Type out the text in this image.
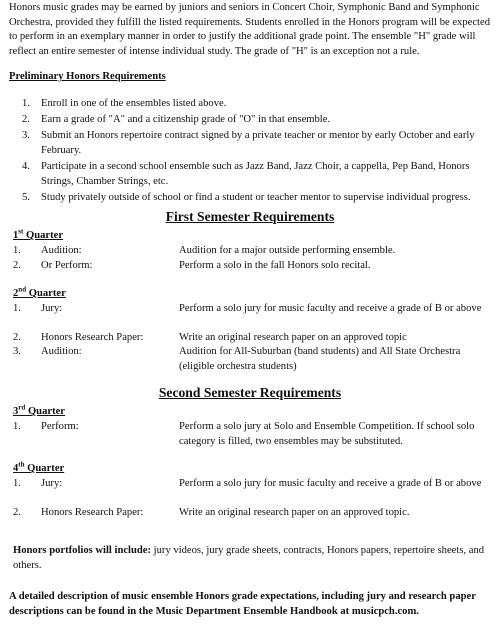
Honors music grades may be earned by juniors and seniors in Concert Choir, Symphonic Band and Symphonic Orchestra, provided they fulfill the listed requirements. Students enrolled in the Honors program will be expected to perform in an exemplary manner in order to justify the additional grade point. The ensemble "H" grade will reflect an entire semester of intense individual study. The grade of "H" is an exception not a rule.

Preliminary Honors Requirements

1. Enroll in one of the ensembles listed above.
2. Earn a grade of "A" and a citizenship grade of "O" in that ensemble.
3. Submit an Honors repertoire contract signed by a private teacher or mentor by early October and early February.
4. Participate in a second school ensemble such as Jazz Band, Jazz Choir, a cappella, Pep Band, Honors Strings, Chamber Strings, etc.
5. Study privately outside of school or find a student or teacher mentor to supervise individual progress.
First Semester Requirements

1st Quarter

1. Audition:	Audition for a major outside performing ensemble.
2. Or Perform:	Perform a solo in the fall Honors solo recital.

2nd Quarter

1. Jury:	Perform a solo jury for music faculty and receive a grade of B or above
2. Honors Research Paper:	Write an original research paper on an approved topic
3. Audition:	Audition for All-Suburban (band students) and All State Orchestra (eligible orchestra students)
Second Semester Requirements

3rd Quarter

1. Perform:	Perform a solo jury at Solo and Ensemble Competition. If school solo category is filled, two ensembles may be substituted.

4th Quarter

1. Jury:	Perform a solo jury for music faculty and receive a grade of B or above
2. Honors Research Paper:	Write an original research paper on an approved topic.

Honors portfolios will include: jury videos, jury grade sheets, contracts, Honors papers, repertoire sheets, and others.

A detailed description of music ensemble Honors grade expectations, including jury and research paper descriptions can be found in the Music Department Ensemble Handbook at musicpch.com.
